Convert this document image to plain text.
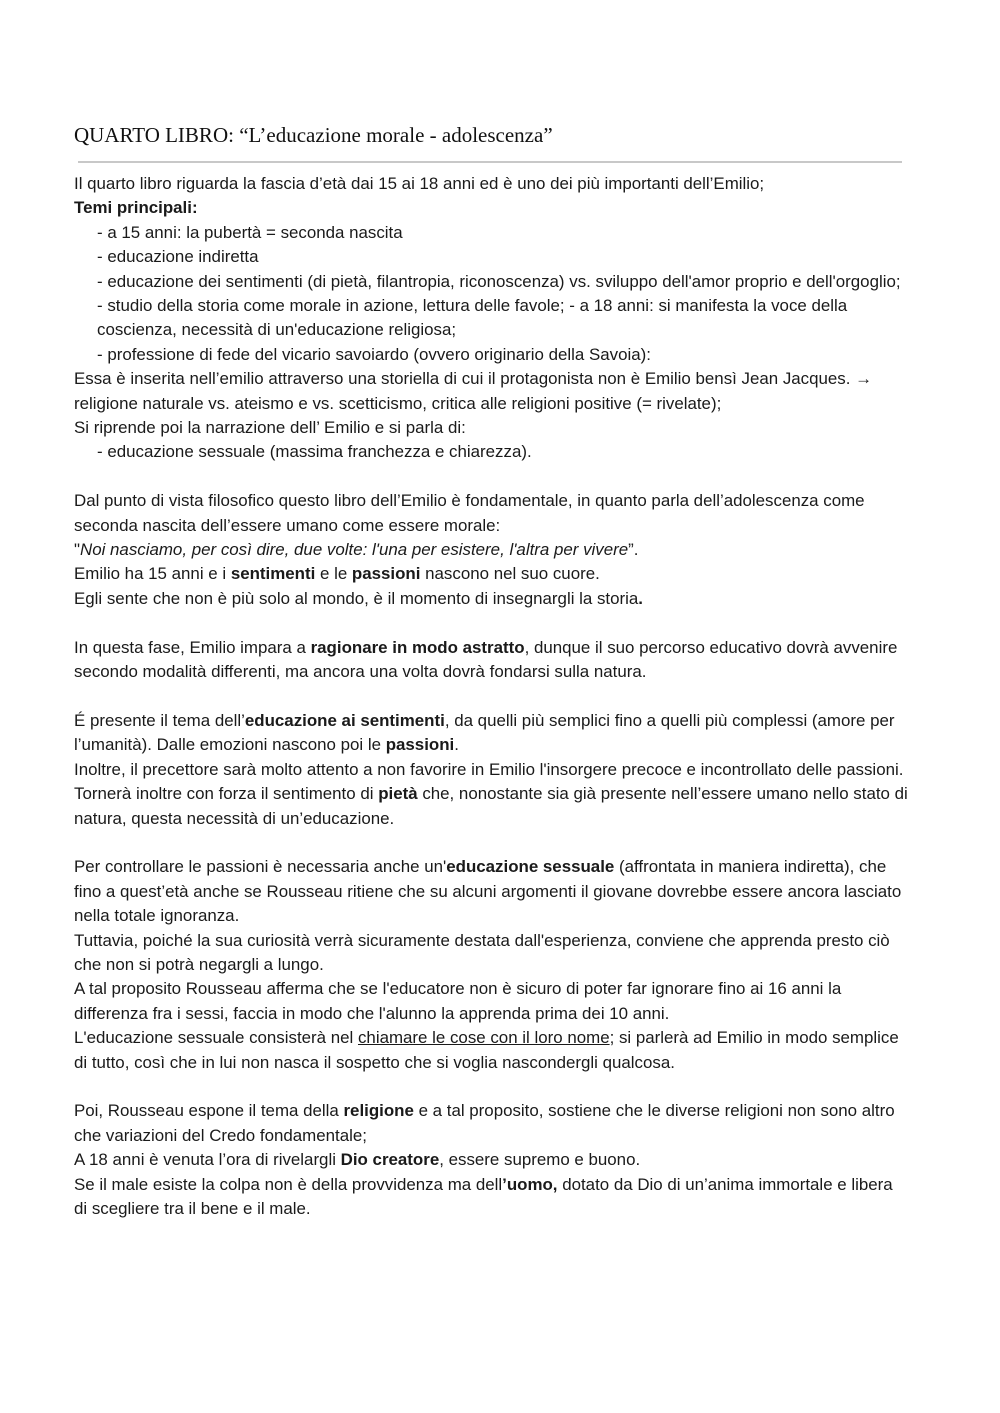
QUARTO LIBRO: “L’educazione morale - adolescenza”

Il quarto libro riguarda la fascia d’età dai 15 ai 18 anni ed è uno dei più importanti dell’Emilio;

Temi principali:

- a 15 anni: la pubertà = seconda nascita
- educazione indiretta
- educazione dei sentimenti (di pietà, filantropia, riconoscenza) vs. sviluppo dell'amor proprio e dell'orgoglio;
- studio della storia come morale in azione, lettura delle favole; - a 18 anni: si manifesta la voce della coscienza, necessità di un'educazione religiosa;
- professione di fede del vicario savoiardo (ovvero originario della Savoia):

Essa è inserita nell’emilio attraverso una storiella di cui il protagonista non è Emilio bensì Jean Jacques. → religione naturale vs. ateismo e vs. scetticismo, critica alle religioni positive (= rivelate);

Si riprende poi la narrazione dell’ Emilio e si parla di:

- educazione sessuale (massima franchezza e chiarezza).

Dal punto di vista filosofico questo libro dell’Emilio è fondamentale, in quanto parla dell’adolescenza come seconda nascita dell’essere umano come essere morale:

"Noi nasciamo, per così dire, due volte: l'una per esistere, l'altra per vivere”.

Emilio ha 15 anni e i sentimenti e le passioni nascono nel suo cuore.

Egli sente che non è più solo al mondo, è il momento di insegnargli la storia.

In questa fase, Emilio impara a ragionare in modo astratto, dunque il suo percorso educativo dovrà avvenire secondo modalità differenti, ma ancora una volta dovrà fondarsi sulla natura.

É presente il tema dell’educazione ai sentimenti, da quelli più semplici fino a quelli più complessi (amore per l’umanità). Dalle emozioni nascono poi le passioni.

Inoltre, il precettore sarà molto attento a non favorire in Emilio l'insorgere precoce e incontrollato delle passioni.

Tornerà inoltre con forza il sentimento di pietà che, nonostante sia già presente nell’essere umano nello stato di natura, questa necessità di un’educazione.

Per controllare le passioni è necessaria anche un'educazione sessuale (affrontata in maniera indiretta), che fino a quest’età anche se Rousseau ritiene che su alcuni argomenti il giovane dovrebbe essere ancora lasciato nella totale ignoranza.

Tuttavia, poiché la sua curiosità verrà sicuramente destata dall'esperienza, conviene che apprenda presto ciò che non si potrà negargli a lungo.

A tal proposito Rousseau afferma che se l'educatore non è sicuro di poter far ignorare fino ai 16 anni la differenza fra i sessi, faccia in modo che l'alunno la apprenda prima dei 10 anni.

L'educazione sessuale consisterà nel chiamare le cose con il loro nome; si parlerà ad Emilio in modo semplice di tutto, così che in lui non nasca il sospetto che si voglia nascondergli qualcosa.

Poi, Rousseau espone il tema della religione e a tal proposito, sostiene che le diverse religioni non sono altro che variazioni del Credo fondamentale;

A 18 anni è venuta l’ora di rivelargli Dio creatore, essere supremo e buono.

Se il male esiste la colpa non è della provvidenza ma dell’uomo, dotato da Dio di un’anima immortale e libera di scegliere tra il bene e il male.
